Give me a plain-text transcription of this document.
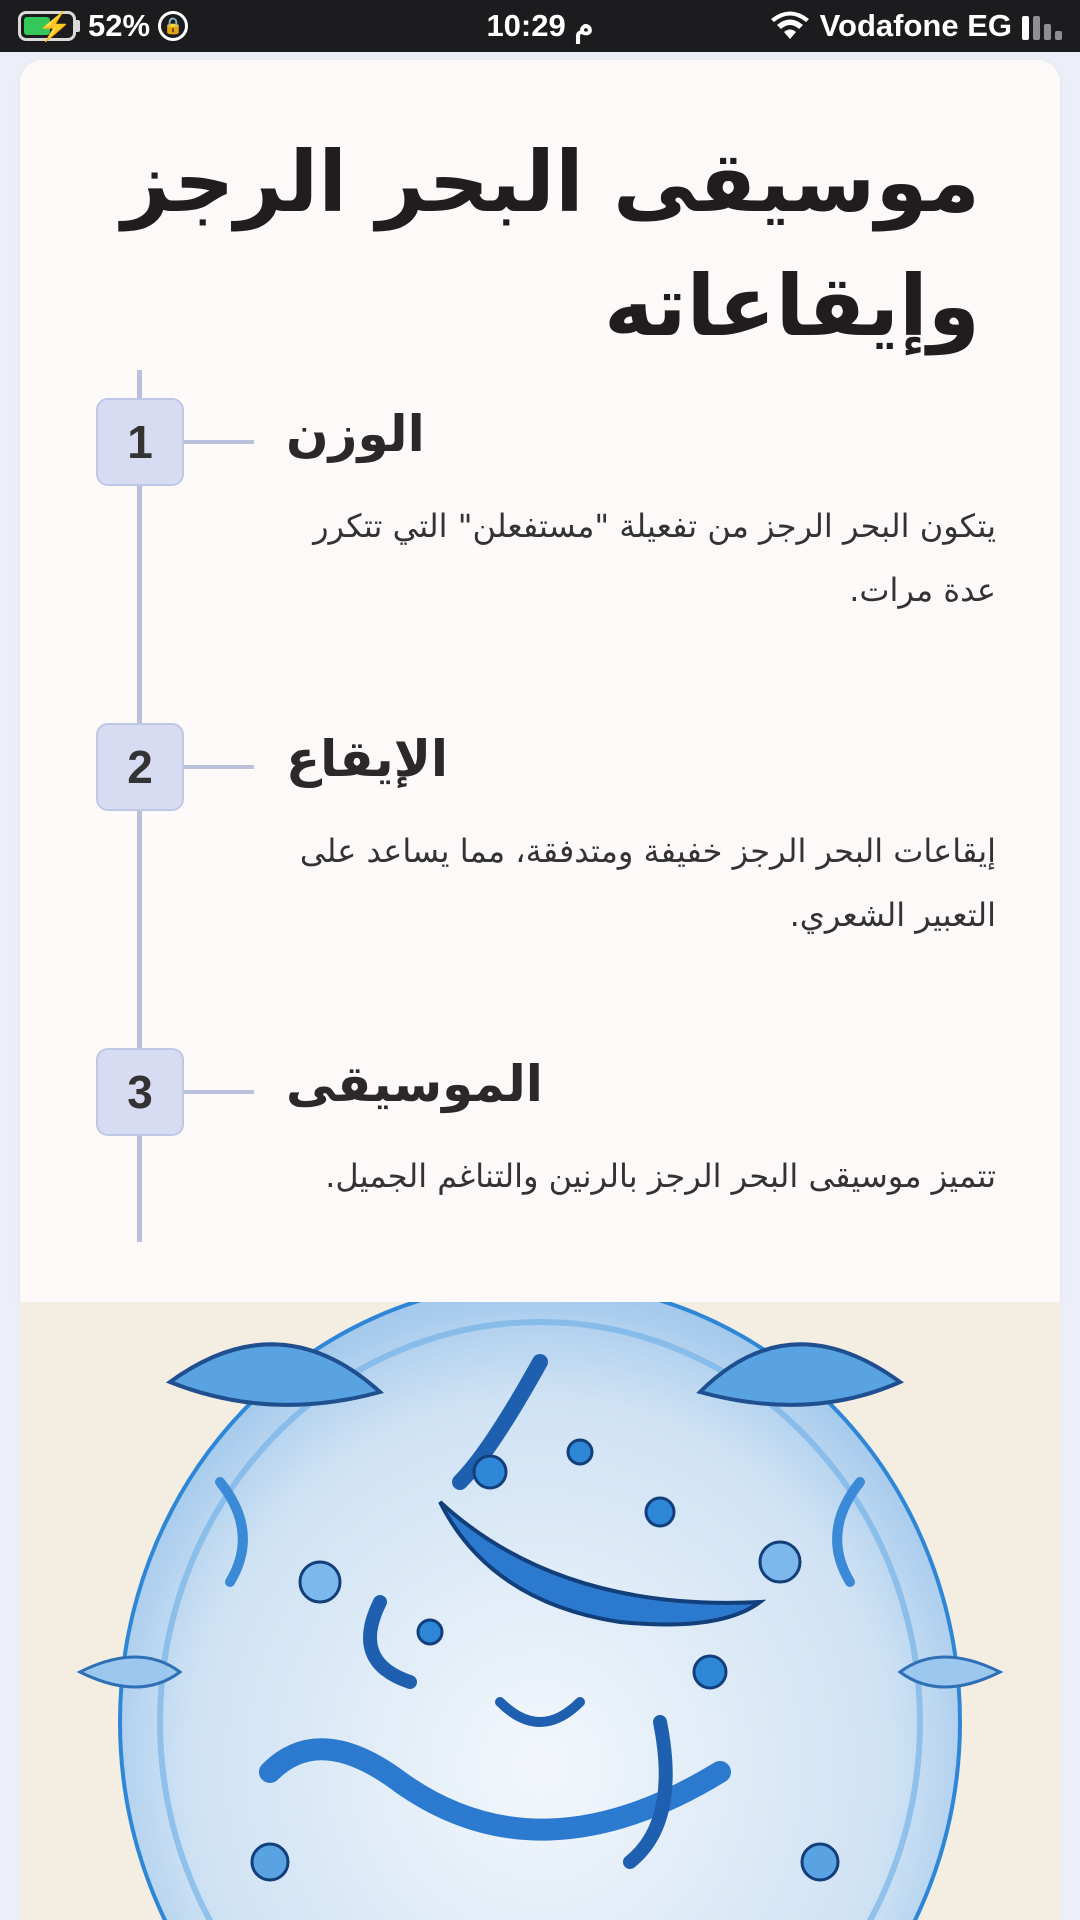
⚡ 52% 🔒	10:29 م	Vodafone EG
موسيقى البحر الرجز
وإيقاعاته
1	الوزن
يتكون البحر الرجز من تفعيلة "مستفعلن" التي تتكرر عدة مرات.
2	الإيقاع
إيقاعات البحر الرجز خفيفة ومتدفقة، مما يساعد على التعبير الشعري.
3	الموسيقى
تتميز موسيقى البحر الرجز بالرنين والتناغم الجميل.
